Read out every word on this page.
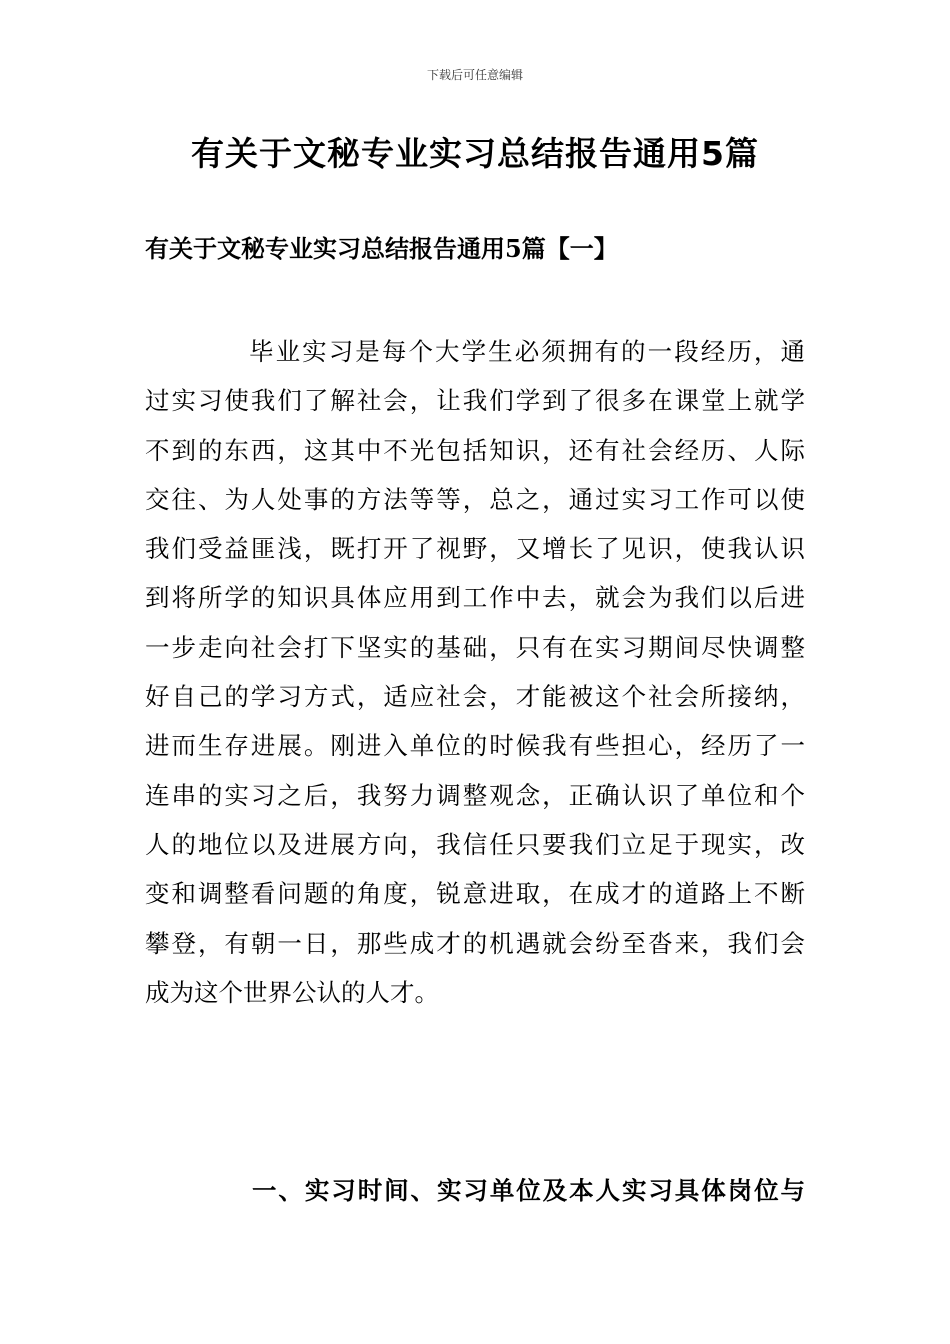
下载后可任意编辑
有关于文秘专业实习总结报告通用5篇
有关于文秘专业实习总结报告通用5篇【一】
毕业实习是每个大学生必须拥有的一段经历，通
过实习使我们了解社会，让我们学到了很多在课堂上就学
不到的东西，这其中不光包括知识，还有社会经历、人际
交往、为人处事的方法等等，总之，通过实习工作可以使
我们受益匪浅，既打开了视野，又增长了见识，使我认识
到将所学的知识具体应用到工作中去，就会为我们以后进
一步走向社会打下坚实的基础，只有在实习期间尽快调整
好自己的学习方式，适应社会，才能被这个社会所接纳，
进而生存进展。刚进入单位的时候我有些担心，经历了一
连串的实习之后，我努力调整观念，正确认识了单位和个
人的地位以及进展方向，我信任只要我们立足于现实，改
变和调整看问题的角度，锐意进取，在成才的道路上不断
攀登，有朝一日，那些成才的机遇就会纷至沓来，我们会
成为这个世界公认的人才。
一、实习时间、实习单位及本人实习具体岗位与
